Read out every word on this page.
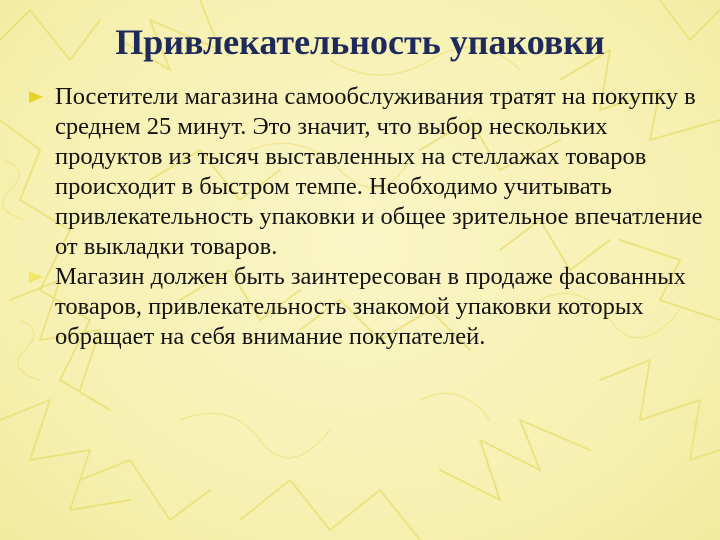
Привлекательность упаковки
Посетители магазина самообслуживания тратят на покупку в среднем 25 минут. Это значит, что выбор нескольких продуктов из тысяч выставленных на стеллажах товаров происходит в быстром темпе. Необходимо учитывать привлекательность упаковки и общее зрительное впечатление от выкладки товаров.
Магазин должен быть заинтересован в продаже фасованных товаров, привлекательность знакомой упаковки которых обращает на себя внимание покупателей.
